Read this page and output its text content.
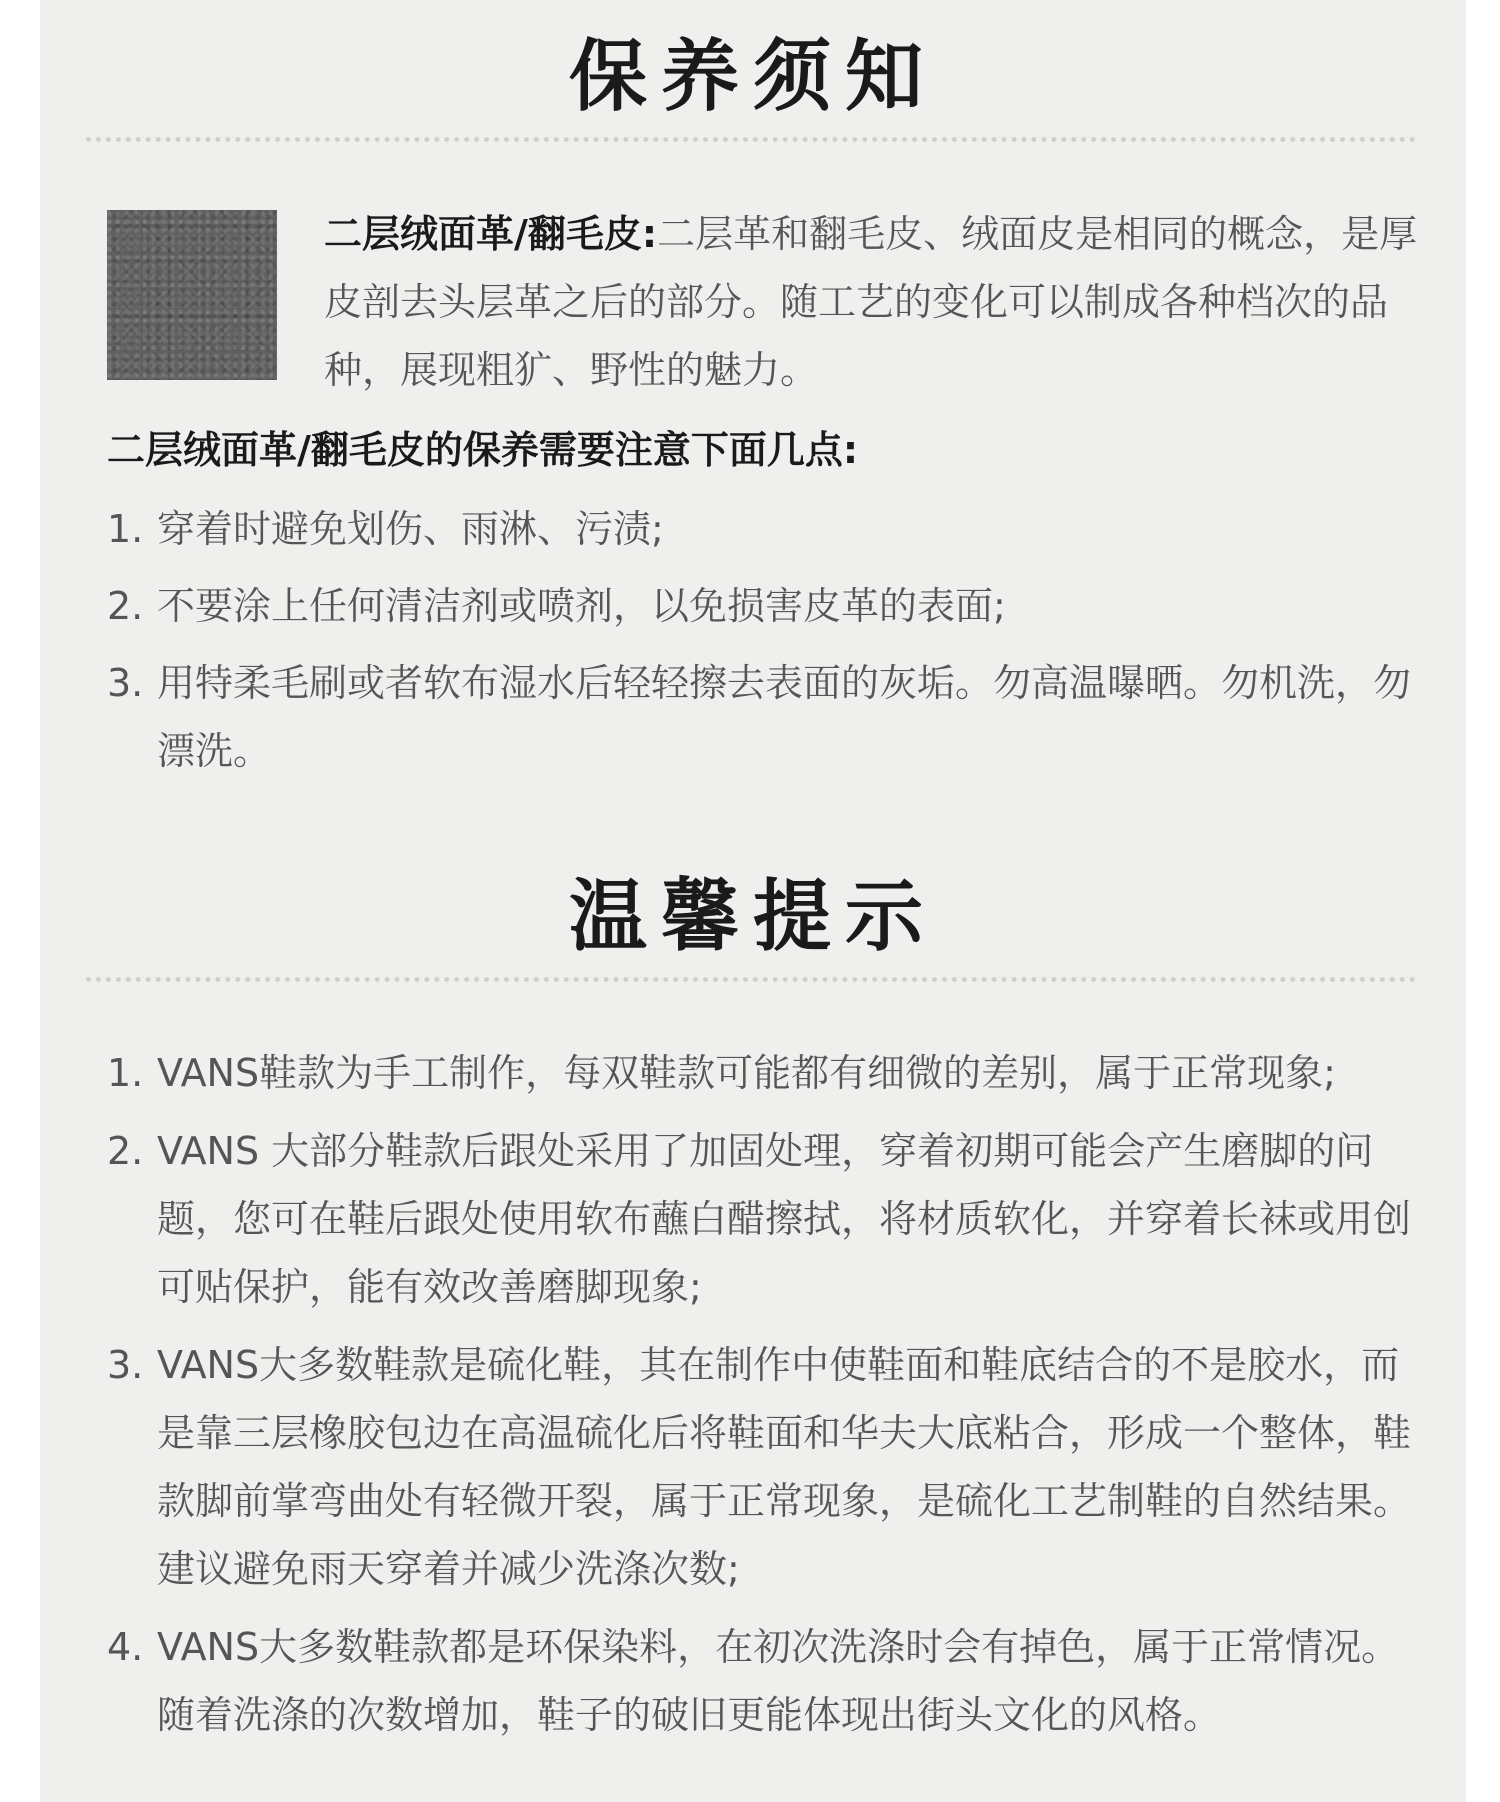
保养须知

二层绒面革/翻毛皮:二层革和翻毛皮、绒面皮是相同的概念，是厚皮剖去头层革之后的部分。随工艺的变化可以制成各种档次的品种，展现粗犷、野性的魅力。

二层绒面革/翻毛皮的保养需要注意下面几点:

1. 穿着时避免划伤、雨淋、污渍;
2. 不要涂上任何清洁剂或喷剂，以免损害皮革的表面;
3. 用特柔毛刷或者软布湿水后轻轻擦去表面的灰垢。勿高温曝晒。勿机洗，勿漂洗。
温馨提示
1. VANS鞋款为手工制作，每双鞋款可能都有细微的差别，属于正常现象;
2. VANS 大部分鞋款后跟处采用了加固处理，穿着初期可能会产生磨脚的问题，您可在鞋后跟处使用软布蘸白醋擦拭，将材质软化，并穿着长袜或用创可贴保护，能有效改善磨脚现象;
3. VANS大多数鞋款是硫化鞋，其在制作中使鞋面和鞋底结合的不是胶水，而是靠三层橡胶包边在高温硫化后将鞋面和华夫大底粘合，形成一个整体，鞋款脚前掌弯曲处有轻微开裂，属于正常现象，是硫化工艺制鞋的自然结果。建议避免雨天穿着并减少洗涤次数;
4. VANS大多数鞋款都是环保染料，在初次洗涤时会有掉色，属于正常情况。随着洗涤的次数增加，鞋子的破旧更能体现出街头文化的风格。
